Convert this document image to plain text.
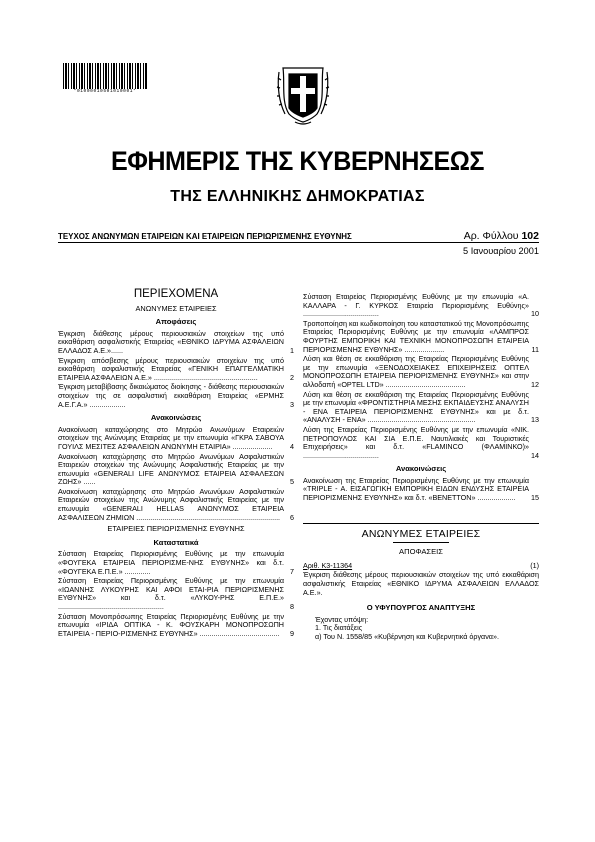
*01000010501010001*
ΕΦΗΜΕΡΙΣ ΤΗΣ ΚΥΒΕΡΝΗΣΕΩΣ
ΤΗΣ ΕΛΛΗΝΙΚΗΣ ΔΗΜΟΚΡΑΤΙΑΣ
ΤΕΥΧΟΣ ΑΝΩΝΥΜΩΝ ΕΤΑΙΡΕΙΩΝ ΚΑΙ ΕΤΑΙΡΕΙΩΝ ΠΕΡΙΩΡΙΣΜΕΝΗΣ ΕΥΘΥΝΗΣ	Αρ. Φύλλου 102
5 Ιανουαρίου 2001
ΠΕΡΙΕΧΟΜΕΝΑ
ΑΝΩΝΥΜΕΣ ΕΤΑΙΡΕΙΕΣ
Αποφάσεις
Έγκριση διάθεσης μέρους περιουσιακών στοιχείων της υπό εκκαθάριση ασφαλιστικής Εταιρείας «ΕΘΝΙΚΟ ΙΔΡΥΜΑ ΑΣΦΑΛΕΙΩΝ ΕΛΛΑΔΟΣ Α.Ε.»......	1
Έγκριση απόσβεσης μέρους περιουσιακών στοιχείων της υπό εκκαθάριση ασφαλιστικής Εταιρείας «ΓΕΝΙΚΗ ΕΠΑΓΓΕΛΜΑΤΙΚΗ ΕΤΑΙΡΕΙΑ ΑΣΦΑΛΕΙΩΝ Α.Ε.» ....................................................	2
Έγκριση μεταβίβασης δικαιώματος διοίκησης - διάθεσης περιουσιακών στοιχείων της σε ασφαλιστική εκκαθάριση Εταιρείας «ΕΡΜΗΣ Α.Ε.Γ.Α.» ..................	3
Ανακοινώσεις
Ανακοίνωση καταχώρησης στο Μητρώο Ανωνύμων Εταιρειών στοιχείων της Ανώνυμης Εταιρείας με την επωνυμία «ΓΚΡΑ ΣΑΒΟΥΑ ΓΟΥΙΛΣ ΜΕΣΙΤΕΣ ΑΣΦΑΛΕΙΩΝ ΑΝΩΝΥΜΗ ΕΤΑΙΡΙΑ» .................... 4
Ανακοίνωση καταχώρησης στο Μητρώο Ανωνύμων Ασφαλιστικών Εταιρειών στοιχείων της Ανώνυμης Ασφαλιστικής Εταιρείας με την επωνυμία «GENERALI LIFE ΑΝΩΝΥΜΟΣ ΕΤΑΙΡΕΙΑ ΑΣΦΑΛΕΣΩΝ ΖΩΗΣ» ......	5
Ανακοίνωση καταχώρησης στο Μητρώο Ανωνύμων Ασφαλιστικών Εταιρειών στοιχείων της Ανώνυμης Ασφαλιστικής Εταιρείας με την επωνυμία «GENERALI HELLAS ΑΝΩΝΥΜΟΣ ΕΤΑΙΡΕΙΑ ΑΣΦΑΛΙΣΕΩΝ ΖΗΜΙΩΝ ........................................................................ 6
ΕΤΑΙΡΕΙΕΣ ΠΕΡΙΩΡΙΣΜΕΝΗΣ ΕΥΘΥΝΗΣ
Καταστατικά
Σύσταση Εταιρείας Περιορισμένης Ευθύνης με την επωνυμία «ΦΟΥΓΕΚΑ ΕΤΑΙΡΕΙΑ ΠΕΡΙΟΡΙΣΜΕ-ΝΗΣ ΕΥΘΥΝΗΣ» και δ.τ. «ΦΟΥΓΕΚΑ Ε.Π.Ε.» .............	7
Σύσταση Εταιρείας Περιορισμένης Ευθύνης με την επωνυμία «ΙΩΑΝΝΗΣ ΛΥΚΟΥΡΗΣ ΚΑΙ ΑΦΟΙ ΕΤΑΙ-ΡΙΑ ΠΕΡΙΩΡΙΣΜΕΝΗΣ ΕΥΘΥΝΗΣ» και δ.τ. «ΛΥΚΟΥ-ΡΗΣ Ε.Π.Ε.» .....................................................	8
Σύσταση Μονοπρόσωπης Εταιρείας Περιορισμένης Ευθύνης με την επωνυμία «ΙΡΙΔΑ ΟΠΤΙΚΑ - Κ. ΦΟΥΣΚΑΡΗ ΜΟΝΟΠΡΟΣΩΠΗ ΕΤΑΙΡΕΙΑ - ΠΕΡΙΟ-ΡΙΣΜΕΝΗΣ ΕΥΘΥΝΗΣ» ........................................ 9
Σύσταση Εταιρείας Περιορισμένης Ευθύνης με την επωνυμία «Α. ΚΑΛΛΑΡΑ - Γ. ΚΥΡΚΟΣ Εταιρεία Περιορισμένης Ευθύνης» ......................................	10
Τροποποίηση και κωδικοποίηση του καταστατικού της Μονοπρόσωπης Εταιρείας Περιορισμένης Ευθύνης με την επωνυμία «ΛΑΜΠΡΟΣ ΦΟΥΡΤΗΣ ΕΜΠΟΡΙΚΗ ΚΑΙ ΤΕΧΝΙΚΗ ΜΟΝΟΠΡΟΣΩΠΗ ΕΤΑΙΡΕΙΑ ΠΕΡΙΟΡΙΣΜΕΝΗΣ ΕΥΘΥΝΗΣ» ....................	11
Λύση και θέση σε εκκαθάριση της Εταιρείας Περιορισμένης Ευθύνης με την επωνυμία «ΞΕΝΟΔΟΧΕΙΑΚΕΣ ΕΠΙΧΕΙΡΗΣΕΙΣ ΟΠΤΕΛ ΜΟΝΟΠΡΟΣΩΠΗ ΕΤΑΙΡΕΙΑ ΠΕΡΙΟΡΙΣΜΕΝΗΣ ΕΥΘΥΝΗΣ» και στην αλλοδαπή «OPTEL LTD» ........................................	12
Λύση και θέση σε εκκαθάριση της Εταιρείας Περιορισμένης Ευθύνης με την επωνυμία «ΦΡΟΝΤΙΣΤΗΡΙΑ ΜΕΣΗΣ ΕΚΠΑΙΔΕΥΣΗΣ ΑΝΑΛΥΣΗ - ΕΝΑ ΕΤΑΙΡΕΙΑ ΠΕΡΙΟΡΙΣΜΕΝΗΣ ΕΥΘΥΝΗΣ» και με δ.τ. «ΑΝΑΛΥΣΗ - ΕΝΑ» ......................................................	13
Λύση της Εταιρείας Περιορισμένης Ευθύνης με την επωνυμία «ΝΙΚ. ΠΕΤΡΟΠΟΥΛΟΣ ΚΑΙ ΣΙΑ Ε.Π.Ε. Ναυτιλιακές και Τουριστικές Επιχειρήσεις» και δ.τ. «FLAMINCO (ΦΛΑΜΙΝΚΟ)» ......................................	14
Ανακοινώσεις
Ανακοίνωση της Εταιρείας Περιορισμένης Ευθύνης με την επωνυμία «TRIPLE - Α. ΕΙΣΑΓΩΓΙΚΗ ΕΜΠΟΡΙΚΗ ΕΙΔΩΝ ΕΝΔΥΣΗΣ ΕΤΑΙΡΕΙΑ ΠΕΡΙΟΡΙΣΜΕΝΗΣ ΕΥΘΥΝΗΣ» και δ.τ. «BENETTON» ................... 15
ΑΝΩΝΥΜΕΣ ΕΤΑΙΡΕΙΕΣ
ΑΠΟΦΑΣΕΙΣ
Αριθ. Κ3-11364	(1)
Έγκριση διάθεσης μέρους περιουσιακών στοιχείων της υπό εκκαθάριση ασφαλιστικής Εταιρείας «ΕΘΝΙΚΟ ΙΔΡΥΜΑ ΑΣΦΑΛΕΙΩΝ ΕΛΛΑΔΟΣ Α.Ε.».
Ο ΥΦΥΠΟΥΡΓΟΣ ΑΝΑΠΤΥΞΗΣ
Έχοντας υπόψη:
1. Τις διατάξεις
α) Του Ν. 1558/85 «Κυβέρνηση και Κυβερνητικά όργανα».
